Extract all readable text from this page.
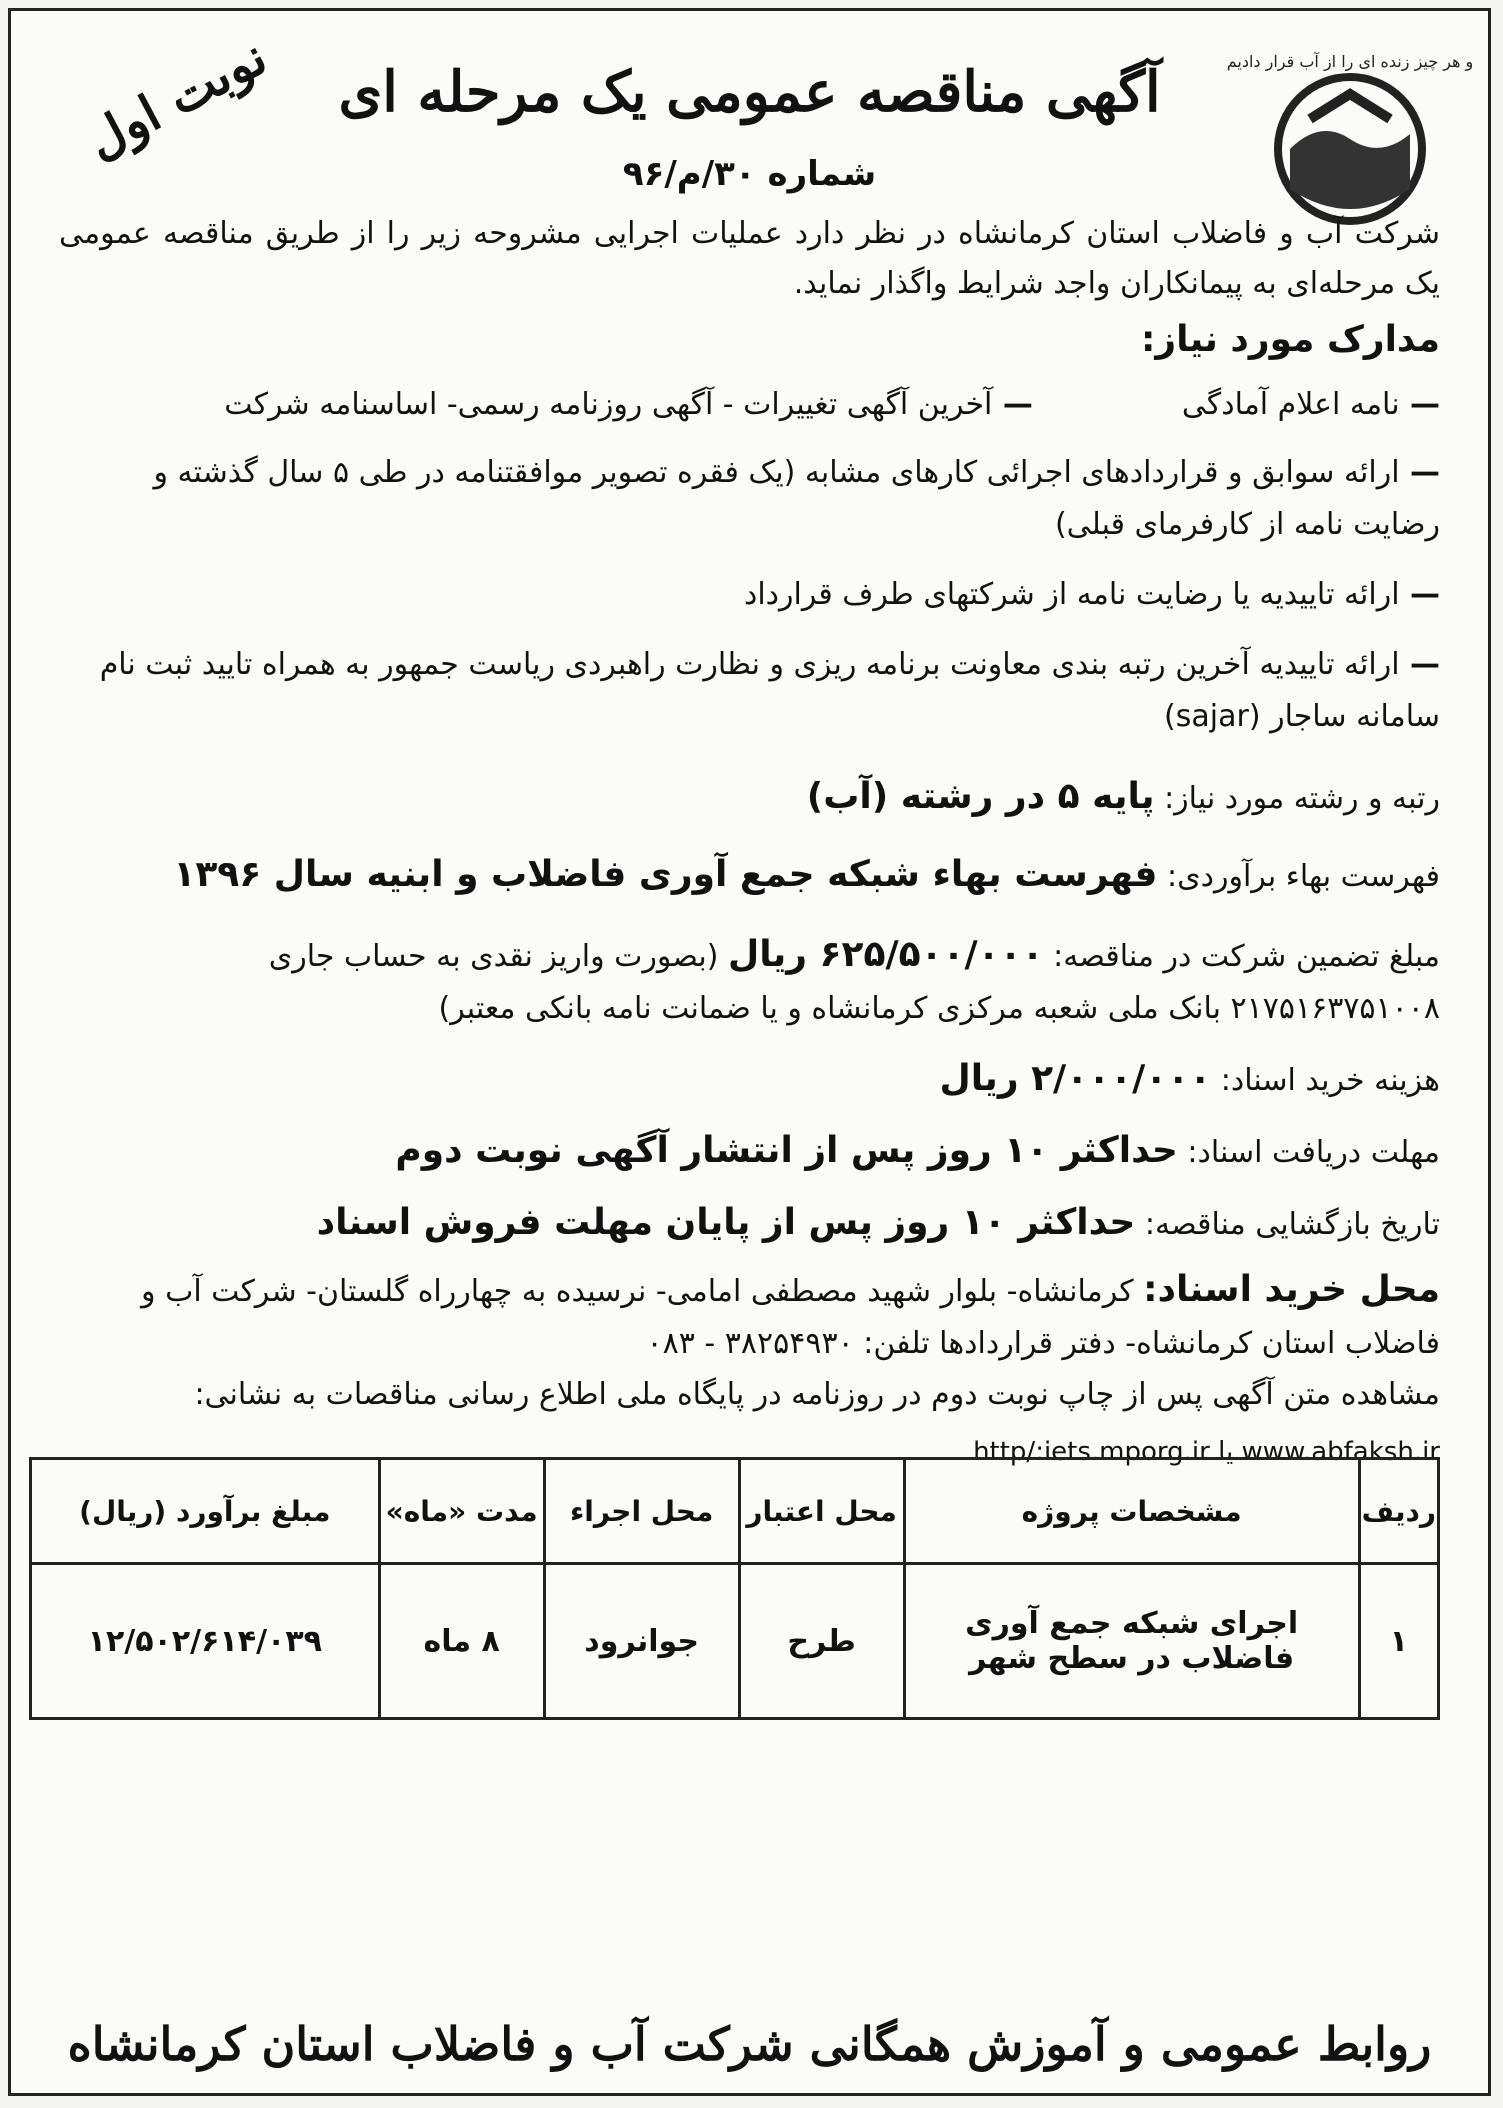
و هر چیز زنده ای را از آب قرار دادیم
نوبت اول	آگهی مناقصه عمومی یک مرحله ای
شماره ۳۰/م/۹۶
شرکت آب و فاضلاب استان کرمانشاه در نظر دارد عملیات اجرایی مشروحه زیر را از طریق مناقصه عمومی یک مرحله‌ای به پیمانکاران واجد شرایط واگذار نماید.
مدارک مورد نیاز:
— نامه اعلام آمادگی  — آخرین آگهی تغییرات - آگهی روزنامه رسمی- اساسنامه شرکت
— ارائه سوابق و قراردادهای اجرائی کارهای مشابه (یک فقره تصویر موافقتنامه در طی ۵ سال گذشته و رضایت نامه از کارفرمای قبلی)
— ارائه تاییدیه یا رضایت نامه از شرکتهای طرف قرارداد
— ارائه تاییدیه آخرین رتبه بندی معاونت برنامه ریزی و نظارت راهبردی ریاست جمهور به همراه تایید ثبت نام سامانه ساجار (sajar)
رتبه و رشته مورد نیاز: پایه ۵ در رشته (آب)
فهرست بهاء برآوردی: فهرست بهاء شبکه جمع آوری فاضلاب و ابنیه سال ۱۳۹۶
مبلغ تضمین شرکت در مناقصه: ۶۲۵/۵۰۰/۰۰۰ ریال (بصورت واریز نقدی به حساب جاری ۲۱۷۵۱۶۳۷۵۱۰۰۸ بانک ملی شعبه مرکزی کرمانشاه و یا ضمانت نامه بانکی معتبر)
هزینه خرید اسناد: ۲/۰۰۰/۰۰۰ ریال
مهلت دریافت اسناد: حداکثر ۱۰ روز پس از انتشار آگهی نوبت دوم
تاریخ بازگشایی مناقصه: حداکثر ۱۰ روز پس از پایان مهلت فروش اسناد
محل خرید اسناد: کرمانشاه- بلوار شهید مصطفی امامی- نرسیده به چهارراه گلستان- شرکت آب و فاضلاب استان کرمانشاه- دفتر قراردادها تلفن: ۳۸۲۵۴۹۳۰ - ۰۸۳
مشاهده متن آگهی پس از چاپ نوبت دوم در روزنامه در پایگاه ملی اطلاع رسانی مناقصات به نشانی:
http/:iets.mporg.ir یا www.abfaksh.ir
ردیف	مشخصات پروژه	محل اعتبار	محل اجراء	مدت «ماه»	مبلغ برآورد (ریال)
۱	اجرای شبکه جمع آوری فاضلاب در سطح شهر	طرح	جوانرود	۸ ماه	۱۲/۵۰۲/۶۱۴/۰۳۹
روابط عمومی و آموزش همگانی شرکت آب و فاضلاب استان کرمانشاه
